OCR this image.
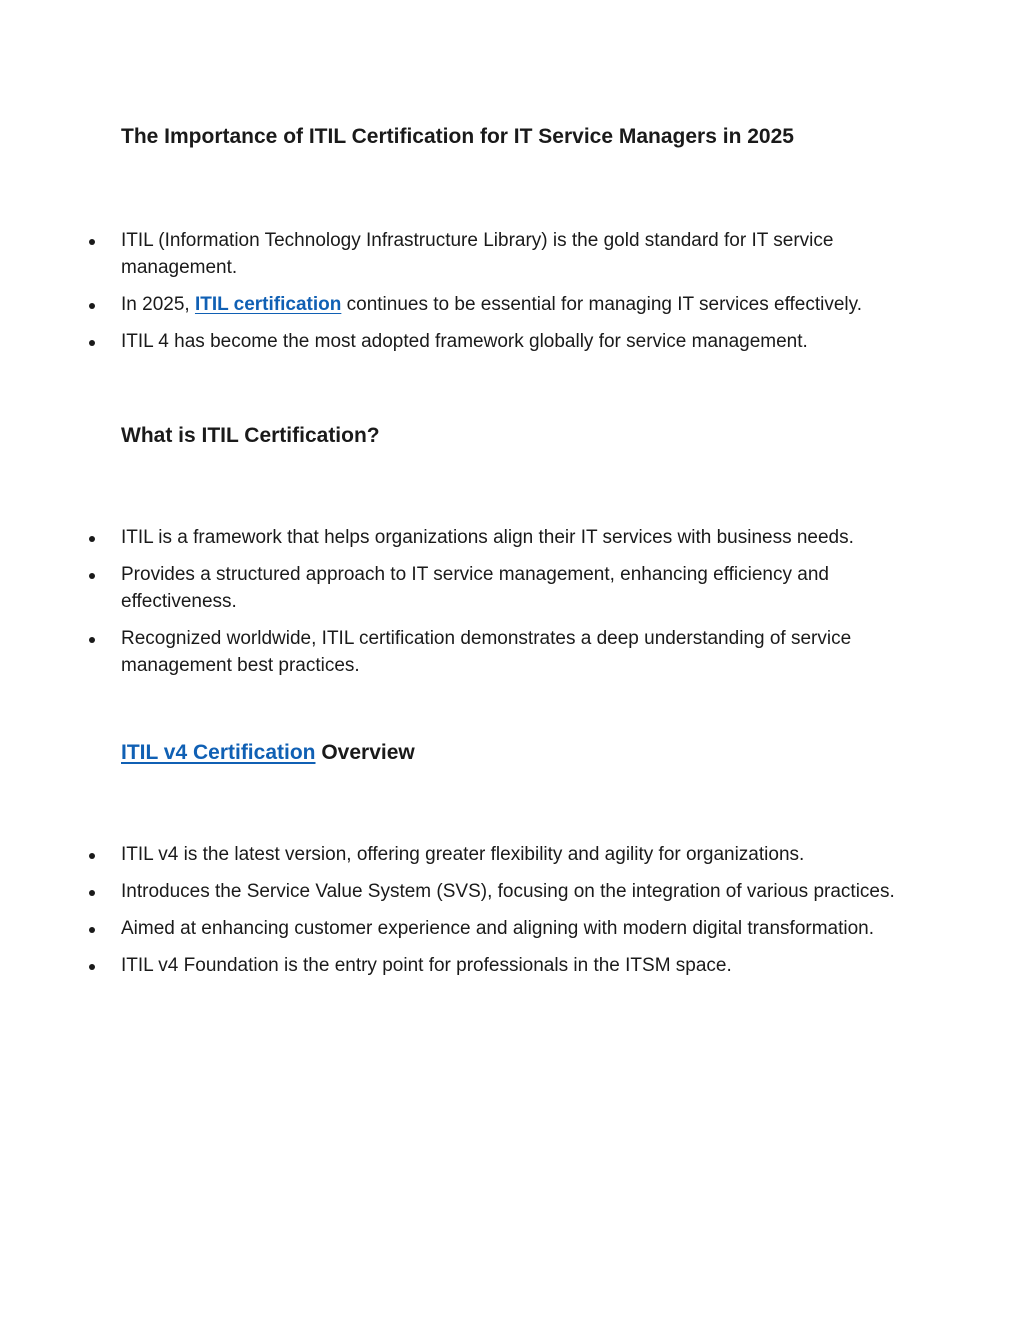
The Importance of ITIL Certification for IT Service Managers in 2025
ITIL (Information Technology Infrastructure Library) is the gold standard for IT service management.
In 2025, ITIL certification continues to be essential for managing IT services effectively.
ITIL 4 has become the most adopted framework globally for service management.
What is ITIL Certification?
ITIL is a framework that helps organizations align their IT services with business needs.
Provides a structured approach to IT service management, enhancing efficiency and effectiveness.
Recognized worldwide, ITIL certification demonstrates a deep understanding of service management best practices.
ITIL v4 Certification Overview
ITIL v4 is the latest version, offering greater flexibility and agility for organizations.
Introduces the Service Value System (SVS), focusing on the integration of various practices.
Aimed at enhancing customer experience and aligning with modern digital transformation.
ITIL v4 Foundation is the entry point for professionals in the ITSM space.
